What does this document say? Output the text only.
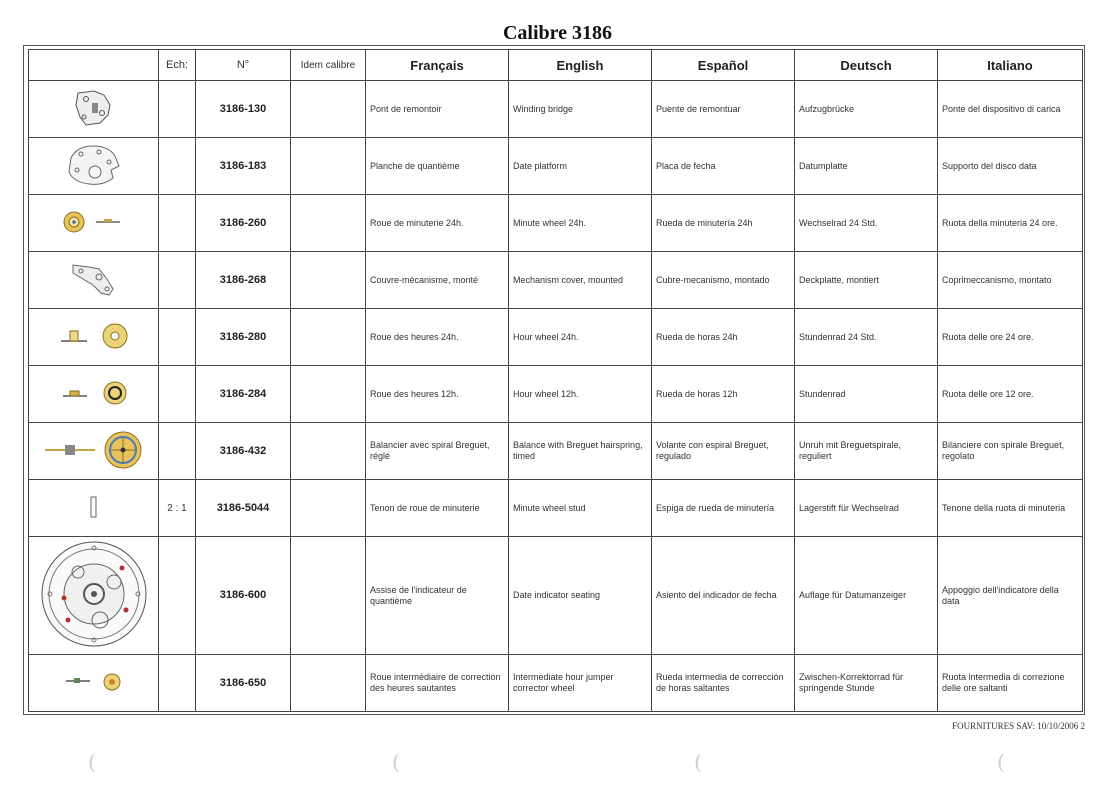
Calibre 3186
	Ech:	N°	Idem calibre	Français	English	Español	Deutsch	Italiano
		3186-130		Pont de remontoir	Winding bridge	Puente de remontuar	Aufzugbrücke	Ponte del dispositivo di carica
		3186-183		Planche de quantième	Date platform	Placa de fecha	Datumplatte	Supporto del disco data
		3186-260		Roue de minuterie 24h.	Minute wheel 24h.	Rueda de minutería 24h	Wechselrad 24 Std.	Ruota della minuteria 24 ore.
		3186-268		Couvre-mécanisme, monté	Mechanism cover, mounted	Cubre-mecanismo, montado	Deckplatte, montiert	Coprimeccanismo, montato
		3186-280		Roue des heures 24h.	Hour wheel 24h.	Rueda de horas 24h	Stundenrad 24 Std.	Ruota delle ore 24 ore.
		3186-284		Roue des heures 12h.	Hour wheel 12h.	Rueda de horas 12h	Stundenrad	Ruota delle ore 12 ore.
		3186-432		Balancier avec spiral Breguet, réglé	Balance with Breguet hairspring, timed	Volante con espiral Breguet, regulado	Unruh mit Breguetspirale, reguliert	Bilanciere con spirale Breguet, regolato
	2 : 1	3186-5044		Tenon de roue de minuterie	Minute wheel stud	Espiga de rueda de minutería	Lagerstift für Wechselrad	Tenone della ruota di minuteria
		3186-600		Assise de l'indicateur de quantième	Date indicator seating	Asiento del indicador de fecha	Auflage für Datumanzeiger	Appoggio dell'indicatore della data
		3186-650		Roue intermédiaire de correction des heures sautantes	Intermediate hour jumper corrector wheel	Rueda intermedia de corrección de horas saltantes	Zwischen-Korrektorrad für springende Stunde	Ruota intermedia di correzione delle ore saltanti
FOURNITURES SAV: 10/10/2006 2
(	(	(	(
